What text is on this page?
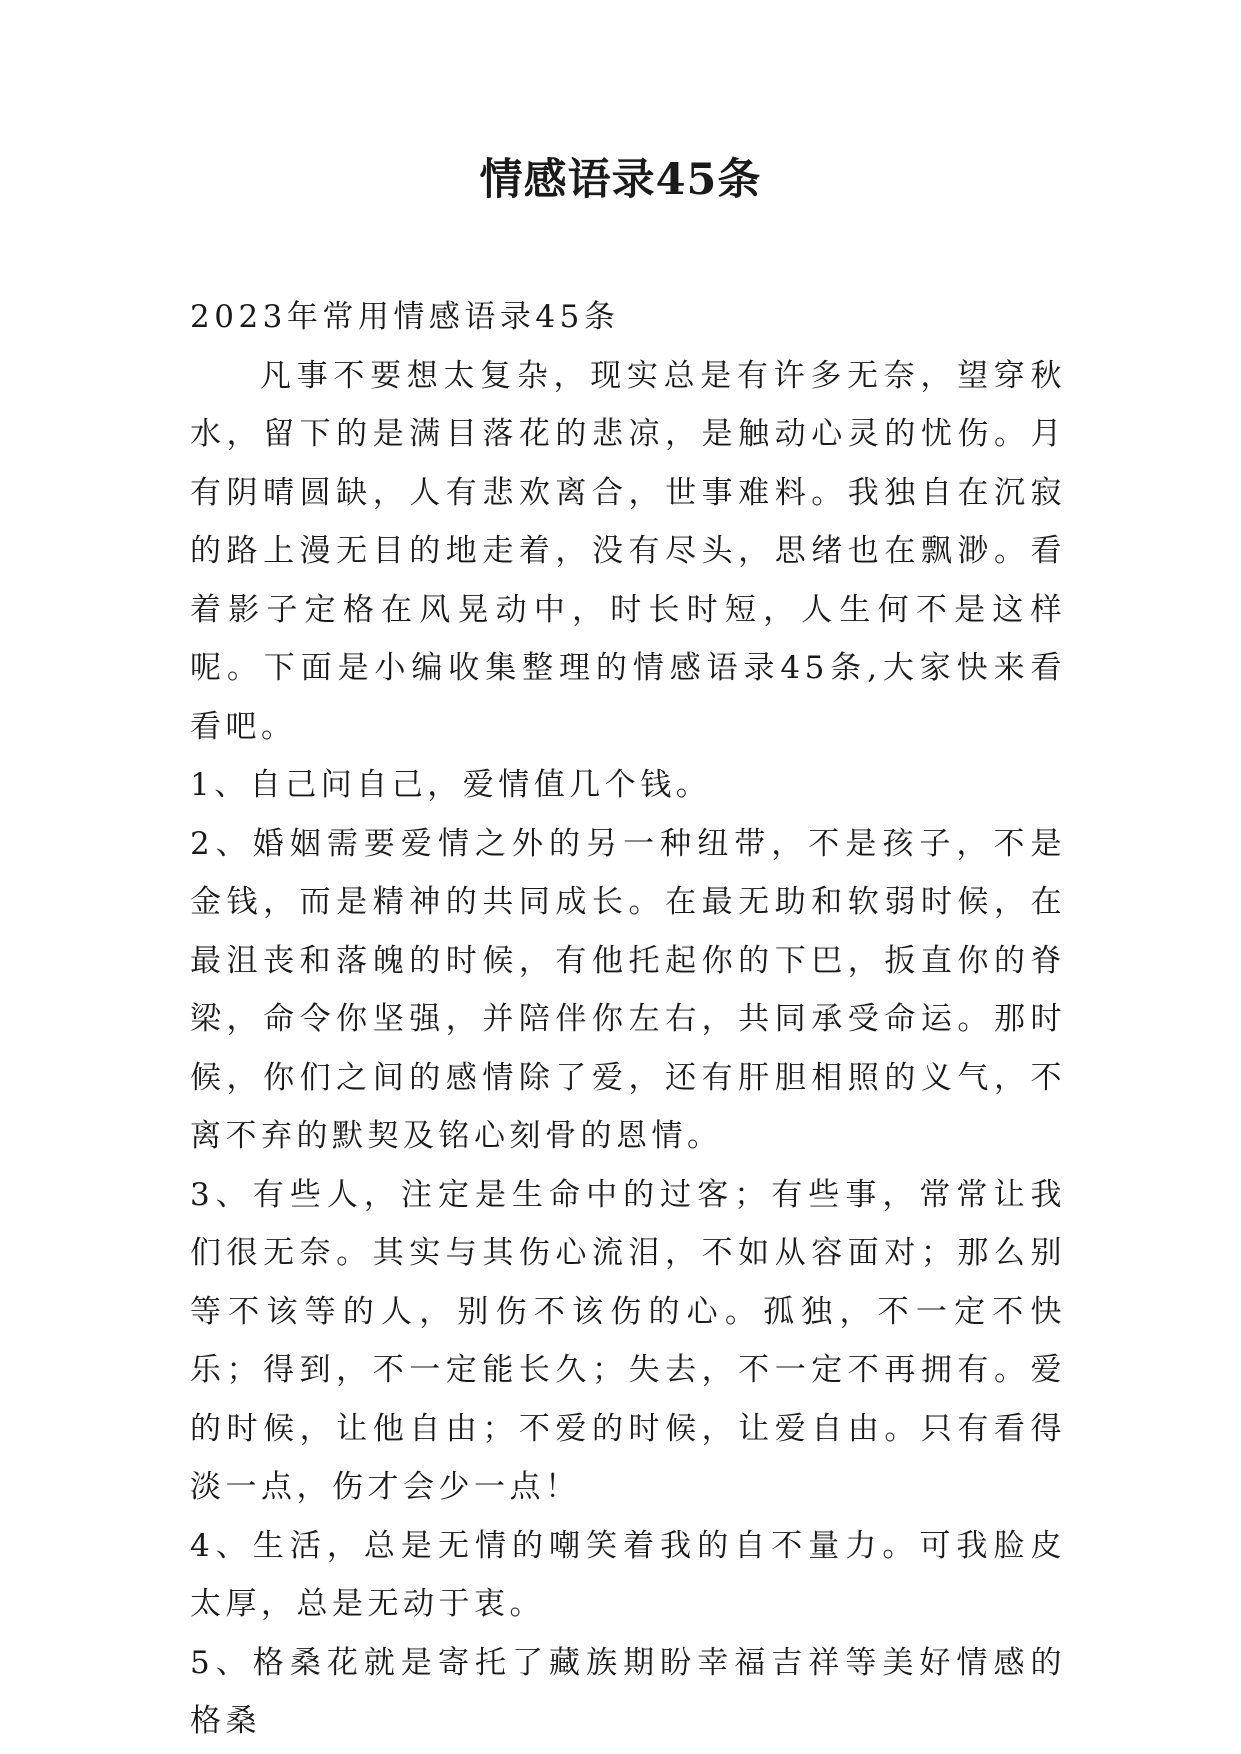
情感语录45条

2023年常用情感语录45条

凡事不要想太复杂，现实总是有许多无奈，望穿秋水，留下的是满目落花的悲凉，是触动心灵的忧伤。月有阴晴圆缺，人有悲欢离合，世事难料。我独自在沉寂的路上漫无目的地走着，没有尽头，思绪也在飘渺。看着影子定格在风晃动中，时长时短，人生何不是这样呢。下面是小编收集整理的情感语录45条,大家快来看看吧。

1、自己问自己，爱情值几个钱。

2、婚姻需要爱情之外的另一种纽带，不是孩子，不是金钱，而是精神的共同成长。在最无助和软弱时候，在最沮丧和落魄的时候，有他托起你的下巴，扳直你的脊梁，命令你坚强，并陪伴你左右，共同承受命运。那时候，你们之间的感情除了爱，还有肝胆相照的义气，不离不弃的默契及铭心刻骨的恩情。

3、有些人，注定是生命中的过客；有些事，常常让我们很无奈。其实与其伤心流泪，不如从容面对；那么别等不该等的人，别伤不该伤的心。孤独，不一定不快乐；得到，不一定能长久；失去，不一定不再拥有。爱的时候，让他自由；不爱的时候，让爱自由。只有看得淡一点，伤才会少一点！

4、生活，总是无情的嘲笑着我的自不量力。可我脸皮太厚，总是无动于衷。

5、格桑花就是寄托了藏族期盼幸福吉祥等美好情感的格桑
